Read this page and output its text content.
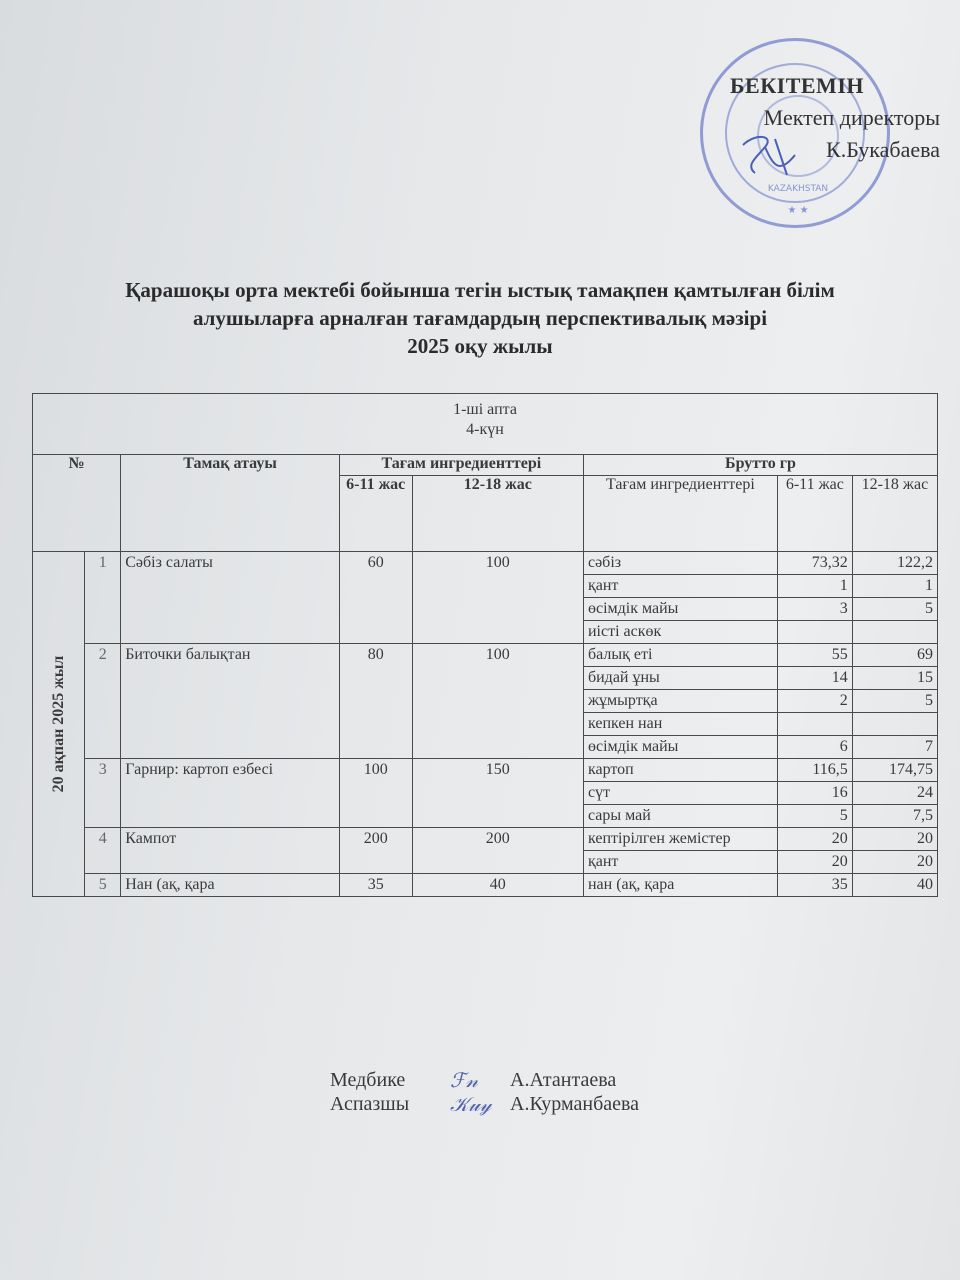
KAZAKHSTAN
★ ★
БЕКІТЕМІН
Мектеп директоры
К.Букабаева
Қарашоқы орта мектебі бойынша тегін ыстық тамақпен қамтылған білім
алушыларға арналған тағамдардың перспективалық мәзірі
2025 оқу жылы
1-ші апта
4-күн							

№		Тамақ атауы	Тағам ингредиенттері		Брутто гр		
			6-11 жас	12-18 жас	Тағам ингредиенттері	6-11 жас	12-18 жас

20 ақпан 2025 жыл	1	Сәбіз салаты	60	100	сәбіз	73,32	122,2
					қант	1	1
					өсімдік майы	3	5
					иісті аскөк		
	2	Биточки балықтан	80	100	балық еті	55	69
					бидай ұны	14	15
					жұмыртқа	2	5
					кепкен нан		
					өсімдік майы	6	7
	3	Гарнир: картоп езбесі	100	150	картоп	116,5	174,75
					сүт	16	24
					сары май	5	7,5
	4	Кампот	200	200	кептірілген жемістер	20	20
					қант	20	20
	5	Нан (ақ, қара	35	40	нан (ақ, қара	35	40
Медбике	ℱ𝓃	А.Атантаева
Аспазшы	𝒦𝓊𝓎 А.Курманбаева
